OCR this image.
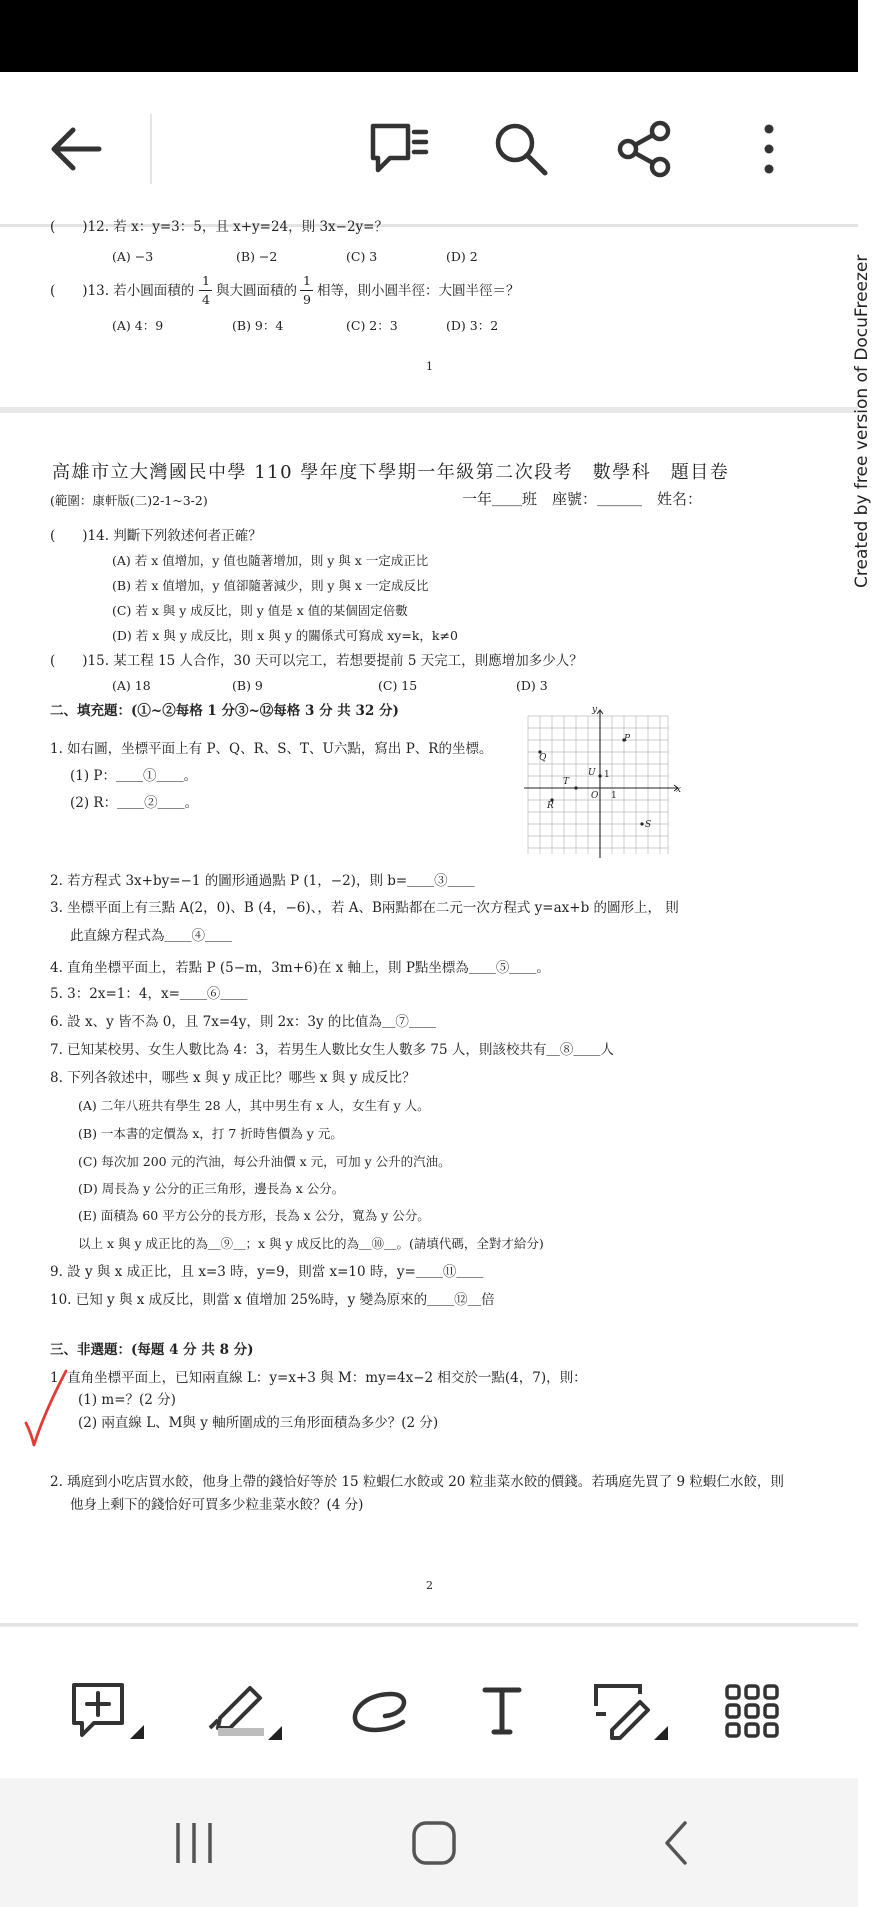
(　　)12. 若 x：y=3：5，且 x+y=24，則 3x−2y=？
(A) −3	(B) −2	(C) 3	(D) 2
(　　)13. 若小圓面積的
1
4
與大圓面積的
1
9
相等，則小圓半徑：大圓半徑＝？
(A) 4：9	(B) 9：4	(C) 2：3	(D) 3：2
1
高雄市立大灣國民中學 110 學年度下學期一年級第二次段考　數學科　題目卷
(範圍：康軒版(二)2-1~3-2)	一年＿＿班　座號：＿＿＿　姓名：
(　　)14. 判斷下列敘述何者正確？
(A) 若 x 值增加，y 值也隨著增加，則 y 與 x 一定成正比
(B) 若 x 值增加，y 值卻隨著減少，則 y 與 x 一定成反比
(C) 若 x 與 y 成反比，則 y 值是 x 值的某個固定倍數
(D) 若 x 與 y 成反比，則 x 與 y 的關係式可寫成 xy=k，k≠0
(　　)15. 某工程 15 人合作，30 天可以完工，若想要提前 5 天完工，則應增加多少人？
(A) 18	(B) 9	(C) 15	(D) 3
二、填充題：(①~②每格 1 分③~⑫每格 3 分 共 32 分)
1. 如右圖，坐標平面上有 P、Q、R、S、T、U六點，寫出 P、R的坐標。
(1) P：＿＿①＿＿。
(2) R：＿＿②＿＿。
x
y
P
Q
R
S
T
U
O 1
1
2. 若方程式 3x+by=−1 的圖形通過點 P (1，−2)，則 b=＿＿③＿＿
3. 坐標平面上有三點 A(2，0)、B (4，−6)、，若 A、B兩點都在二元一次方程式 y=ax+b 的圖形上， 則
此直線方程式為＿＿④＿＿
4. 直角坐標平面上，若點 P (5−m，3m+6)在 x 軸上，則 P點坐標為＿＿⑤＿＿。
5. 3：2x=1：4，x=＿＿⑥＿＿
6. 設 x、y 皆不為 0，且 7x=4y，則 2x：3y 的比值為＿⑦＿＿
7. 已知某校男、女生人數比為 4：3，若男生人數比女生人數多 75 人，則該校共有＿⑧＿＿人
8. 下列各敘述中，哪些 x 與 y 成正比？哪些 x 與 y 成反比？
(A) 二年八班共有學生 28 人，其中男生有 x 人，女生有 y 人。
(B) 一本書的定價為 x，打 7 折時售價為 y 元。
(C) 每次加 200 元的汽油，每公升油價 x 元，可加 y 公升的汽油。
(D) 周長為 y 公分的正三角形，邊長為 x 公分。
(E) 面積為 60 平方公分的長方形，長為 x 公分，寬為 y 公分。
以上 x 與 y 成正比的為＿⑨＿；x 與 y 成反比的為＿⑩＿。(請填代碼，全對才給分)
9. 設 y 與 x 成正比，且 x=3 時，y=9，則當 x=10 時，y=＿＿⑪＿＿
10. 已知 y 與 x 成反比，則當 x 值增加 25%時，y 變為原來的＿＿⑫＿倍
三、非選題：(每題 4 分 共 8 分)
1. 直角坐標平面上，已知兩直線 L：y=x+3 與 M：my=4x−2 相交於一點(4，7)，則：
(1) m=？(2 分)
(2) 兩直線 L、M與 y 軸所圍成的三角形面積為多少？(2 分)
2. 瑀庭到小吃店買水餃，他身上帶的錢恰好等於 15 粒蝦仁水餃或 20 粒韭菜水餃的價錢。若瑀庭先買了 9 粒蝦仁水餃，則
他身上剩下的錢恰好可買多少粒韭菜水餃？(4 分)
2
Created by free version of DocuFreezer
